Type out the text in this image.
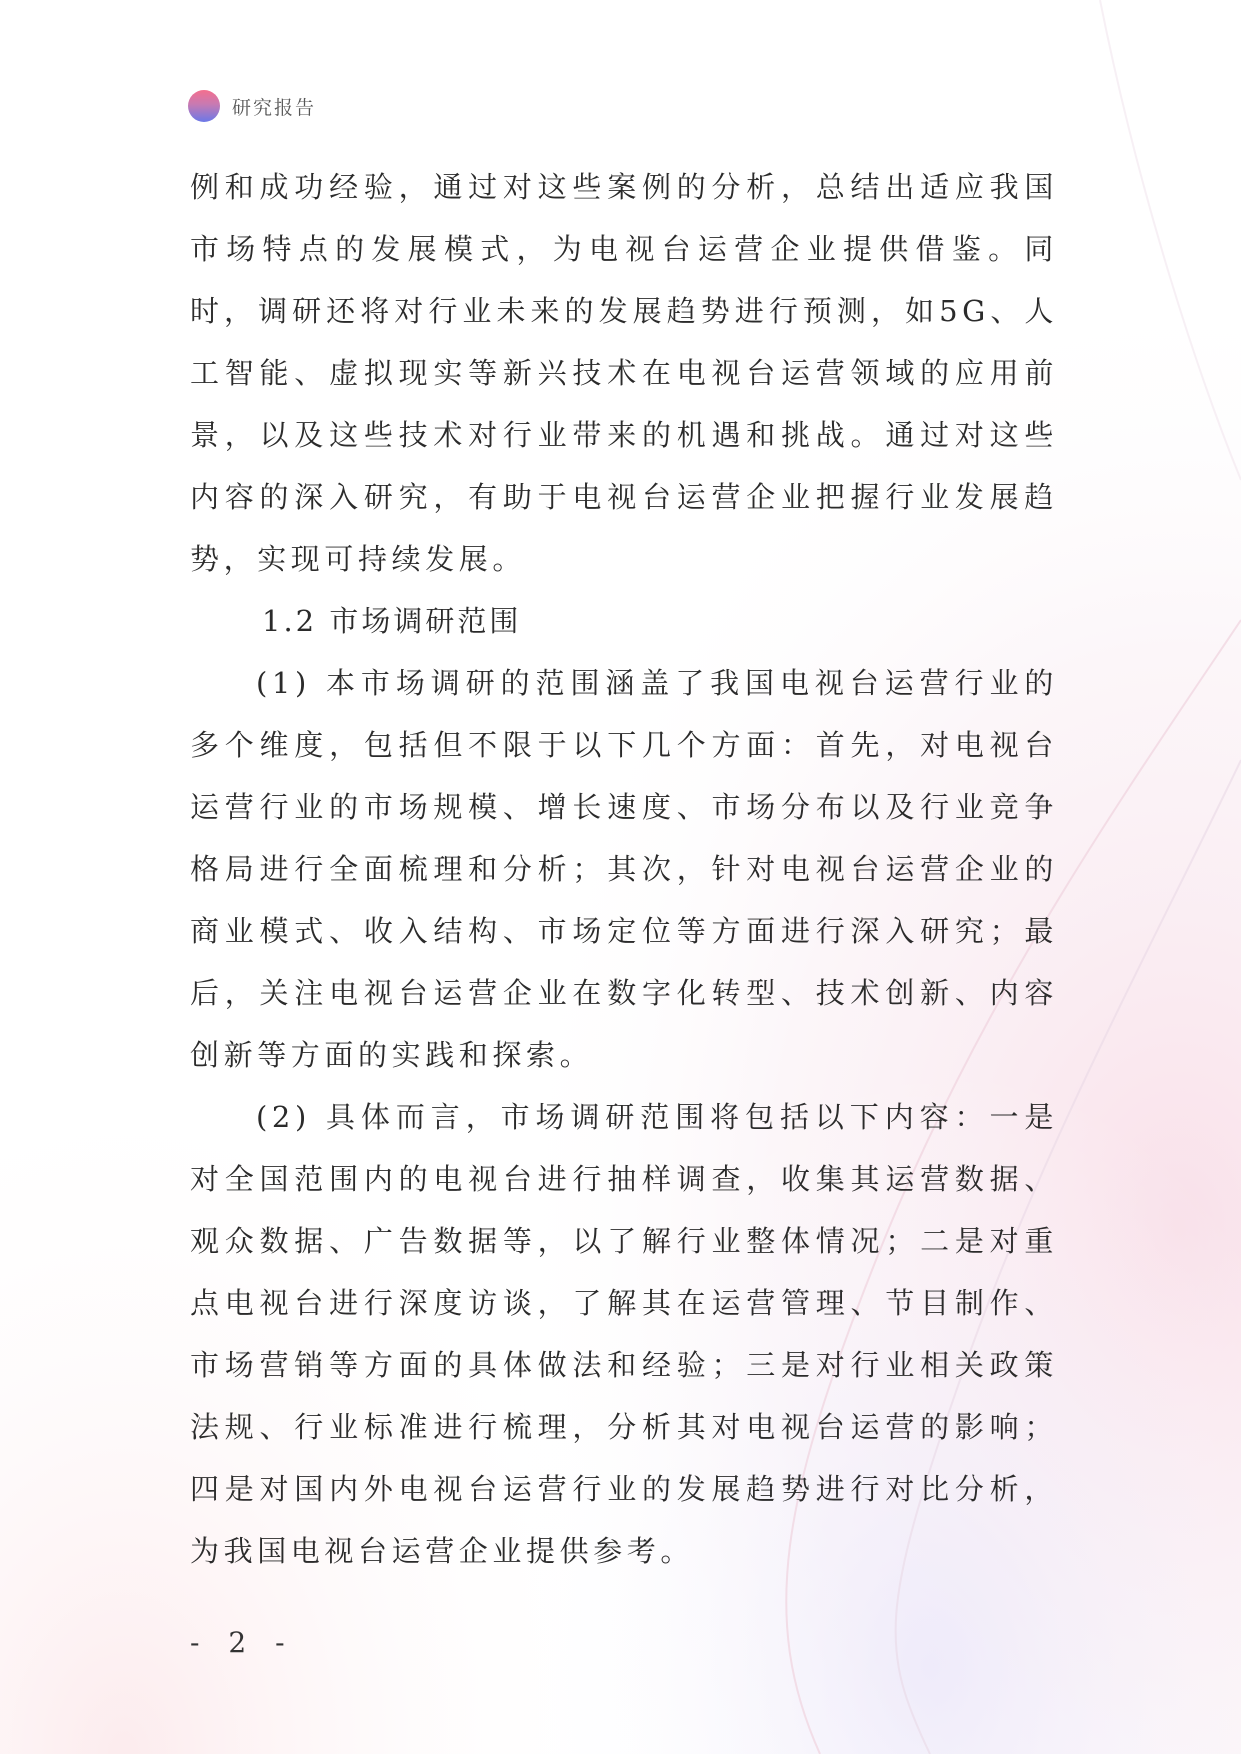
研究报告

例和成功经验，通过对这些案例的分析，总结出适应我国市场特点的发展模式，为电视台运营企业提供借鉴。同时，调研还将对行业未来的发展趋势进行预测，如5G、人工智能、虚拟现实等新兴技术在电视台运营领域的应用前景，以及这些技术对行业带来的机遇和挑战。通过对这些内容的深入研究，有助于电视台运营企业把握行业发展趋势，实现可持续发展。

1.2 市场调研范围

(1) 本市场调研的范围涵盖了我国电视台运营行业的多个维度，包括但不限于以下几个方面：首先，对电视台运营行业的市场规模、增长速度、市场分布以及行业竞争格局进行全面梳理和分析；其次，针对电视台运营企业的商业模式、收入结构、市场定位等方面进行深入研究；最后，关注电视台运营企业在数字化转型、技术创新、内容创新等方面的实践和探索。

(2) 具体而言，市场调研范围将包括以下内容：一是对全国范围内的电视台进行抽样调查，收集其运营数据、观众数据、广告数据等，以了解行业整体情况；二是对重点电视台进行深度访谈，了解其在运营管理、节目制作、市场营销等方面的具体做法和经验；三是对行业相关政策法规、行业标准进行梳理，分析其对电视台运营的影响；四是对国内外电视台运营行业的发展趋势进行对比分析，为我国电视台运营企业提供参考。

- 2 -
